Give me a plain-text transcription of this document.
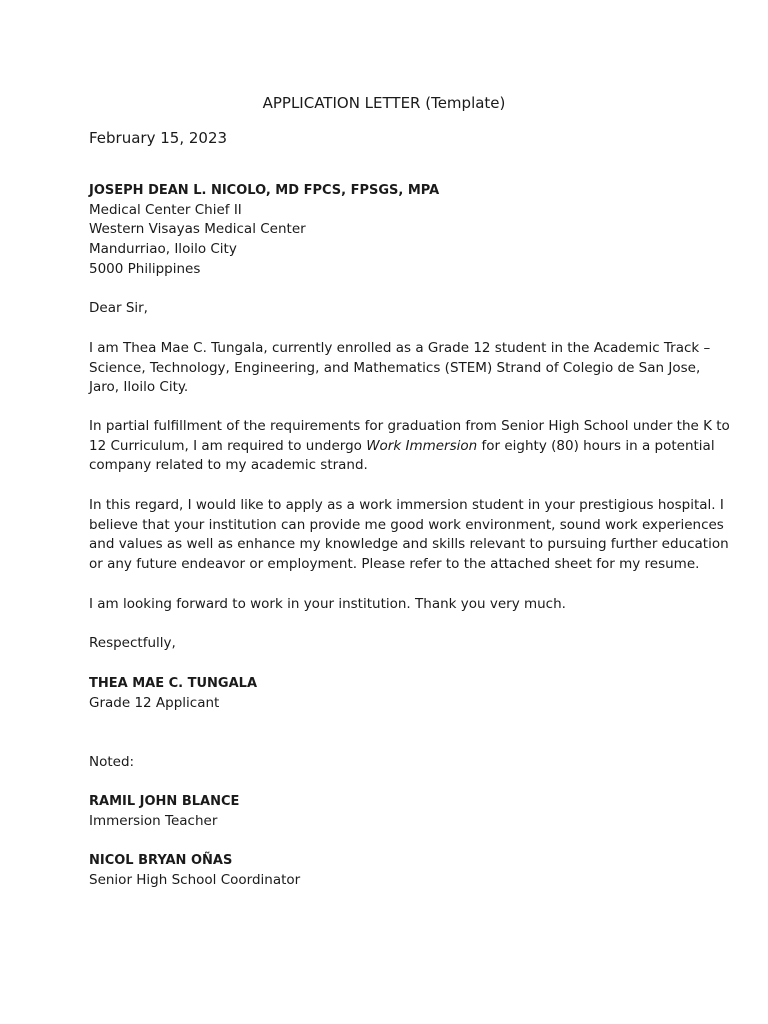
APPLICATION LETTER (Template)
February 15, 2023
JOSEPH DEAN L. NICOLO, MD FPCS, FPSGS, MPA
Medical Center Chief II
Western Visayas Medical Center
Mandurriao, Iloilo City
5000 Philippines
Dear Sir,
I am Thea Mae C. Tungala, currently enrolled as a Grade 12 student in the Academic Track –
Science, Technology, Engineering, and Mathematics (STEM) Strand of Colegio de San Jose,
Jaro, Iloilo City.
In partial fulfillment of the requirements for graduation from Senior High School under the K to
12 Curriculum, I am required to undergo Work Immersion for eighty (80) hours in a potential
company related to my academic strand.
In this regard, I would like to apply as a work immersion student in your prestigious hospital. I
believe that your institution can provide me good work environment, sound work experiences
and values as well as enhance my knowledge and skills relevant to pursuing further education
or any future endeavor or employment. Please refer to the attached sheet for my resume.
I am looking forward to work in your institution. Thank you very much.
Respectfully,
THEA MAE C. TUNGALA
Grade 12 Applicant
Noted:
RAMIL JOHN BLANCE
Immersion Teacher
NICOL BRYAN OÑAS
Senior High School Coordinator
